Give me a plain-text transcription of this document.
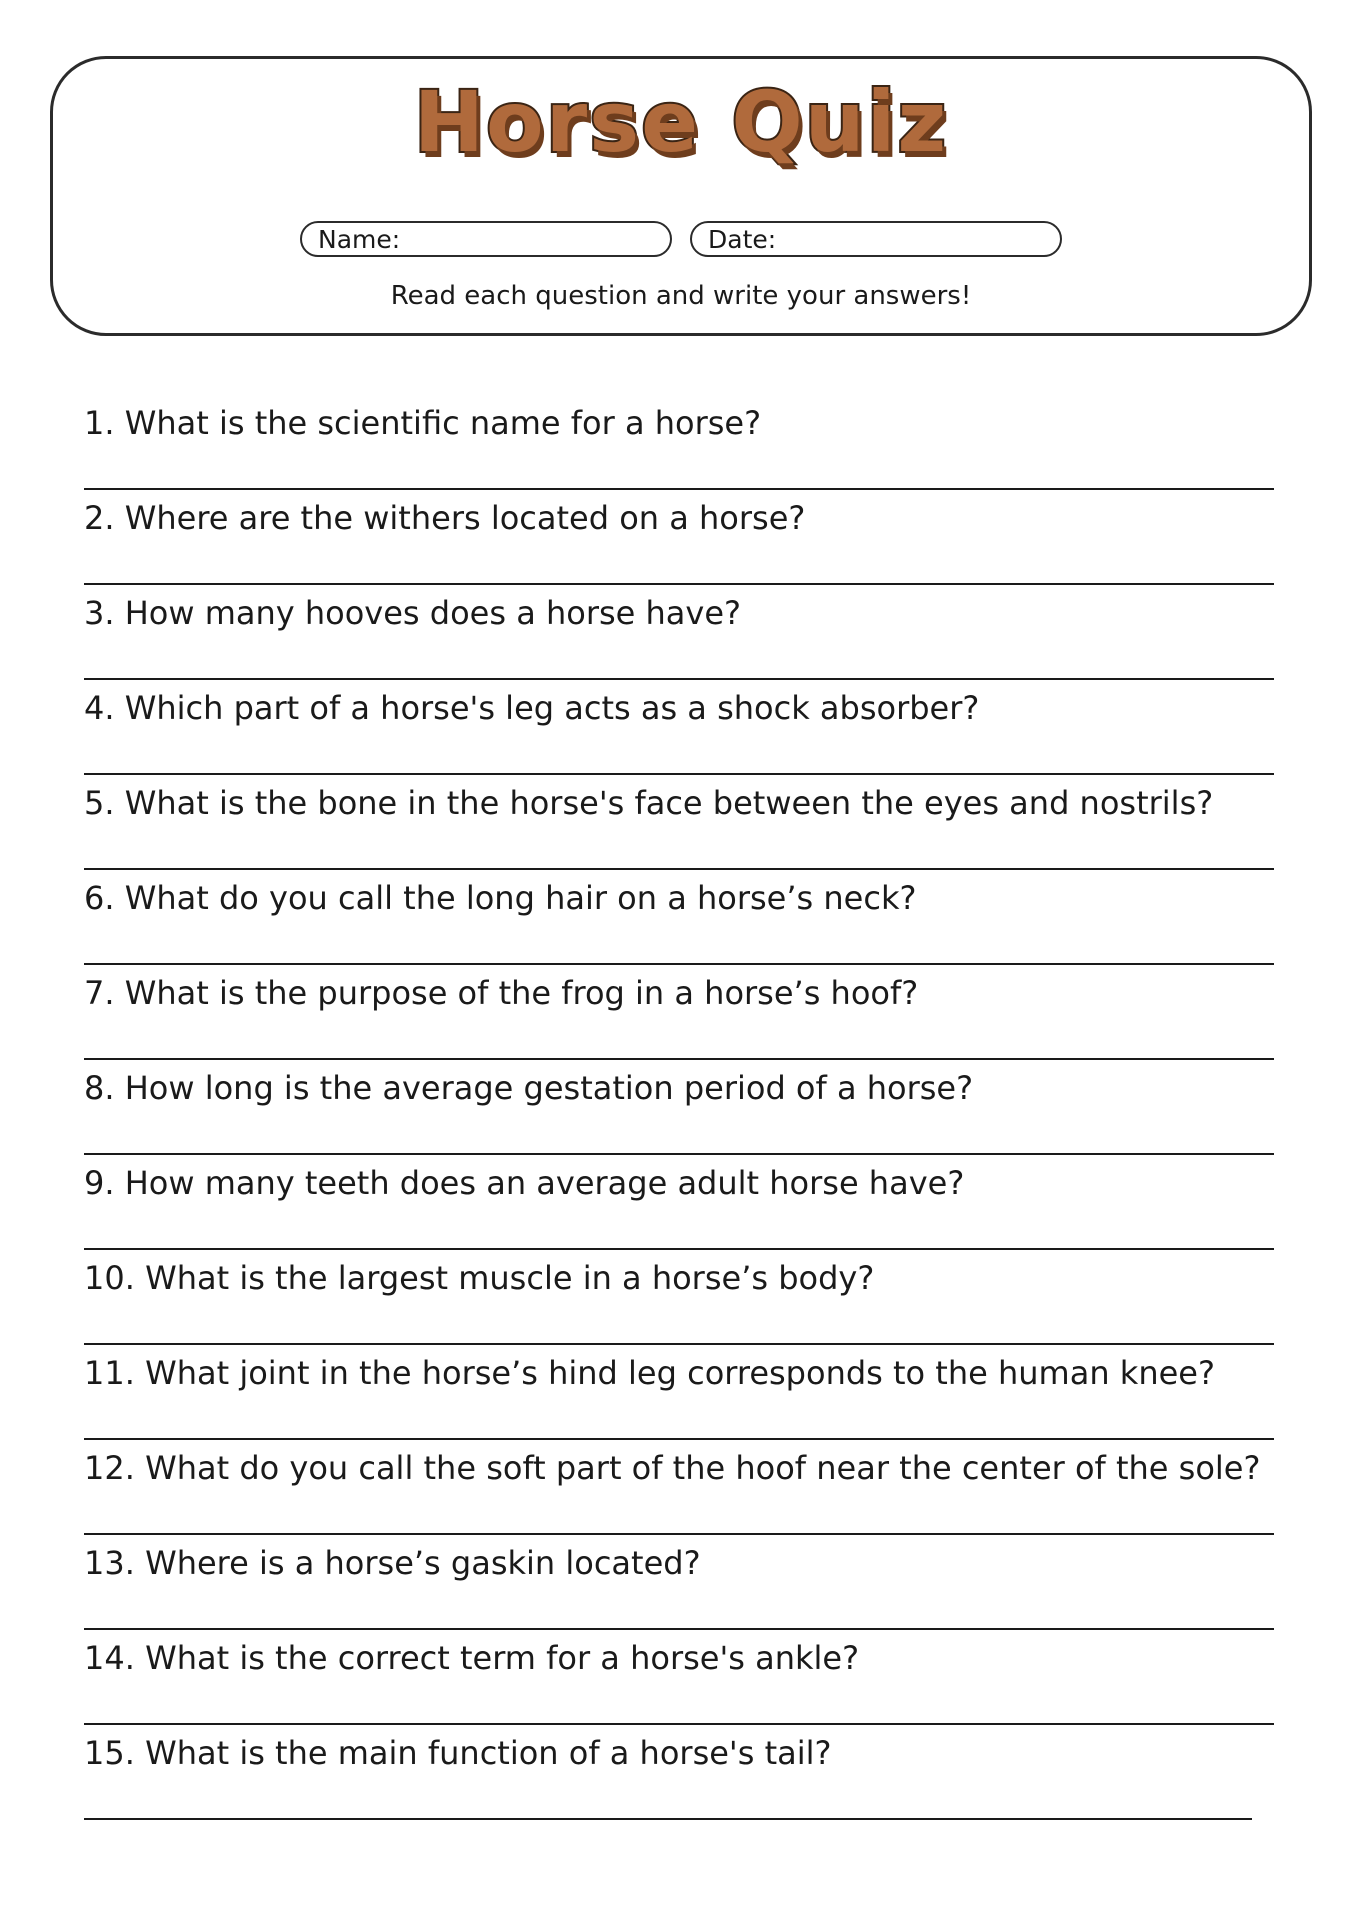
Horse Quiz
Name:	Date:
Read each question and write your answers!
1. What is the scientific name for a horse?
2. Where are the withers located on a horse?
3. How many hooves does a horse have?
4. Which part of a horse's leg acts as a shock absorber?
5. What is the bone in the horse's face between the eyes and nostrils?
6. What do you call the long hair on a horse’s neck?
7. What is the purpose of the frog in a horse’s hoof?
8. How long is the average gestation period of a horse?
9. How many teeth does an average adult horse have?
10. What is the largest muscle in a horse’s body?
11. What joint in the horse’s hind leg corresponds to the human knee?
12. What do you call the soft part of the hoof near the center of the sole?
13. Where is a horse’s gaskin located?
14. What is the correct term for a horse's ankle?
15. What is the main function of a horse's tail?
